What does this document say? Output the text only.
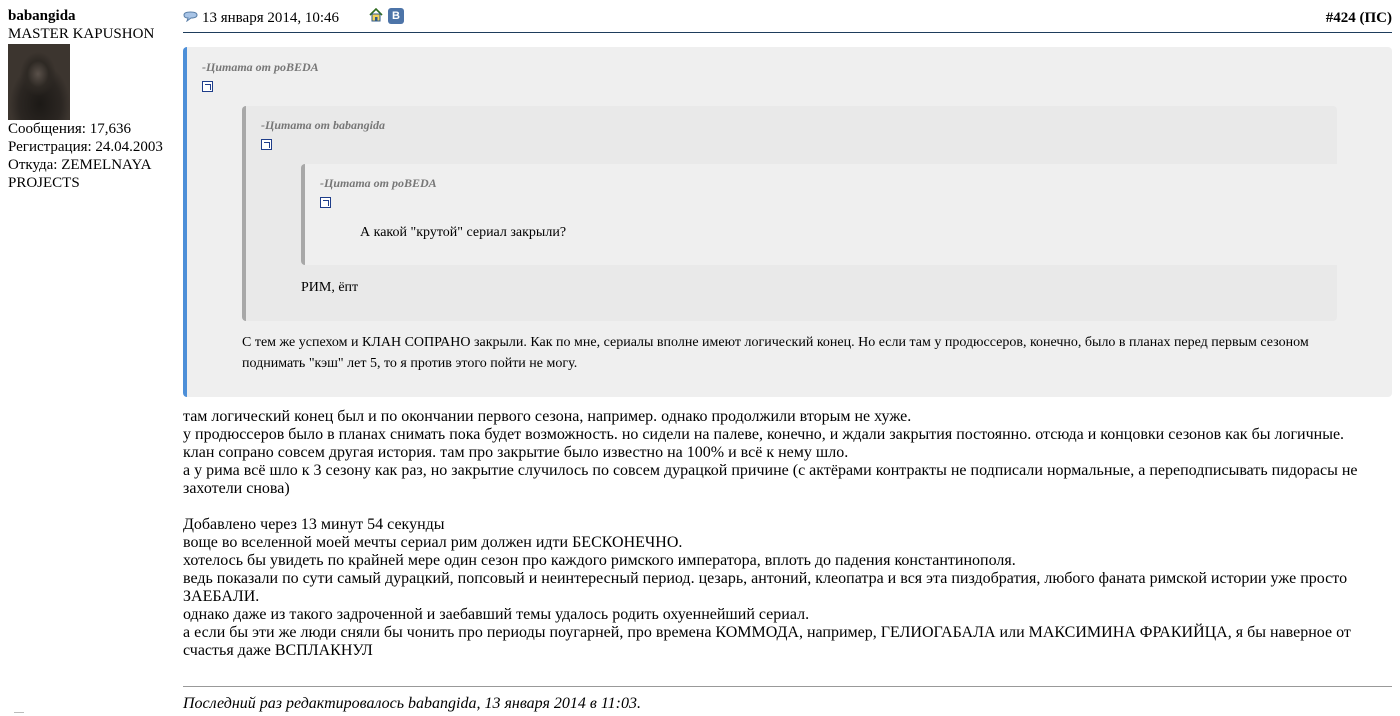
babangida
MASTER KAPUSHON
Сообщения: 17,636
Регистрация: 24.04.2003
Откуда: ZEMELNAYA PROJECTS
13 января 2014, 10:46	В	#424 (ПС)
-Цитата от poBEDA
-Цитата от babangida
-Цитата от poBEDA
А какой "крутой" сериал закрыли?
РИМ, ёпт
С тем же успехом и КЛАН СОПРАНО закрыли. Как по мне, сериалы вполне имеют логический конец. Но если там у продюссеров, конечно, было в планах перед первым сезоном поднимать "кэш" лет 5, то я против этого пойти не могу.

там логический конец был и по окончании первого сезона, например. однако продолжили вторым не хуже.

у продюссеров было в планах снимать пока будет возможность. но сидели на палеве, конечно, и ждали закрытия постоянно. отсюда и концовки сезонов как бы логичные.

клан сопрано совсем другая история. там про закрытие было известно на 100% и всё к нему шло.

а у рима всё шло к 3 сезону как раз, но закрытие случилось по совсем дурацкой причине (с актёрами контракты не подписали нормальные, а переподписывать пидорасы не захотели снова)

Добавлено через 13 минут 54 секунды

воще во вселенной моей мечты сериал рим должен идти БЕСКОНЕЧНО.

хотелось бы увидеть по крайней мере один сезон про каждого римского императора, вплоть до падения константинополя.

ведь показали по сути самый дурацкий, попсовый и неинтересный период. цезарь, антоний, клеопатра и вся эта пиздобратия, любого фаната римской истории уже просто ЗАЕБАЛИ.

однако даже из такого задроченной и заебавший темы удалось родить охуеннейший сериал.

а если бы эти же люди сняли бы чонить про периоды поугарней, про времена КОММОДА, например, ГЕЛИОГАБАЛА или МАКСИМИНА ФРАКИЙЦА, я бы наверное от счастья даже ВСПЛАКНУЛ

Последний раз редактировалось babangida, 13 января 2014 в 11:03.
